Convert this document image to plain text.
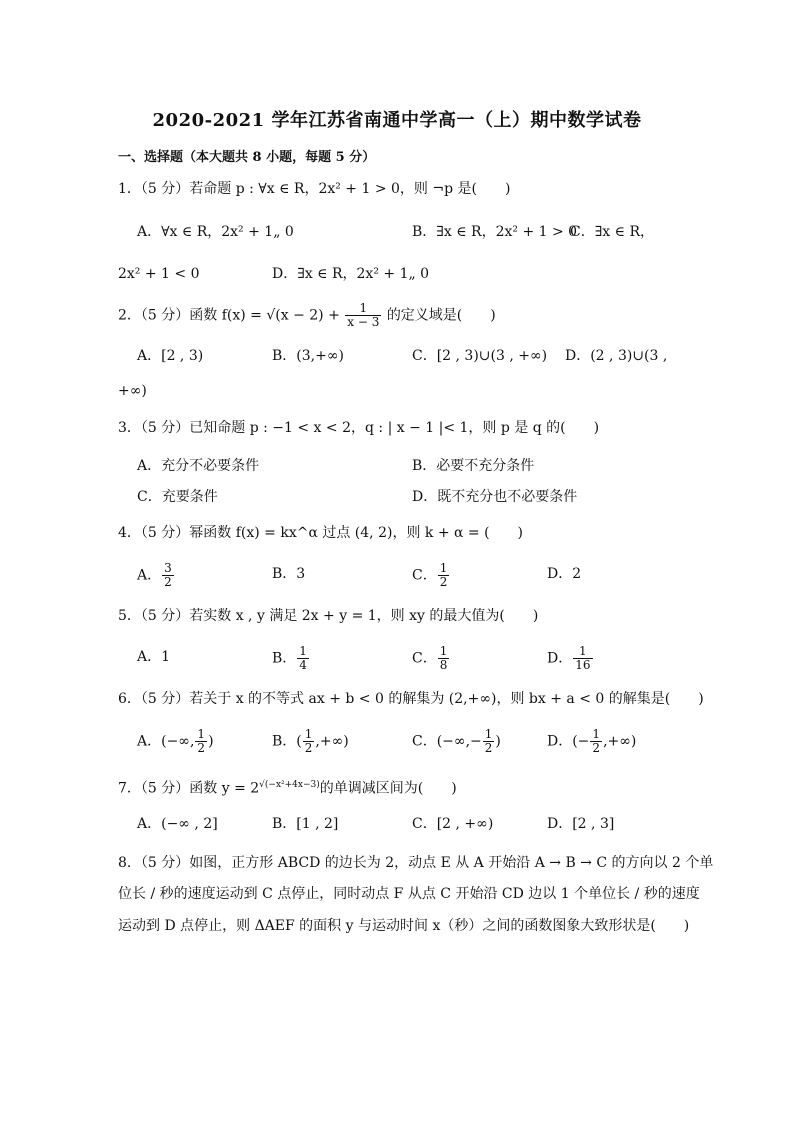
2020-2021 学年江苏省南通中学高一（上）期中数学试卷
一、选择题（本大题共 8 小题，每题 5 分）
1．（5 分）若命题 p : ∀x ∈ R，2x² + 1 > 0，则 ¬p 是(　　)
A．∀x ∈ R，2x² + 1„ 0	B．∃x ∈ R，2x² + 1 > 0
C．∃x ∈ R，
2x² + 1 < 0	D．∃x ∈ R，2x² + 1„ 0
2．（5 分）函数 $f(x) = √(x - 2) + \frac{1}{x - 3}$ 的定义域是(　　)
A．[2 , 3)	B．(3,+∞)	C．[2 , 3)∪(3 , +∞) D．(2 , 3)∪(3 ,
+∞)
3．（5 分）已知命题 p : −1 < x < 2，q : | x − 1 |< 1，则 p 是 q 的(　　)
A．充分不必要条件	B．必要不充分条件
C．充要条件	D．既不充分也不必要条件
4．（5 分）幂函数 f(x) = kx^α 过点 (4, 2)，则 k + α = (　　)
A． $\frac{3}{2}$	B．3	C． $\frac{1}{2}$	D．2
5．（5 分）若实数 x , y 满足 2x + y = 1，则 xy 的最大值为(　　)
A．1	B． $\frac{1}{4}$	C． $\frac{1}{8}$	D． $\frac{1}{16}$
6．（5 分）若关于 x 的不等式 ax + b < 0 的解集为 (2,+∞)，则 bx + a < 0 的解集是(　　)
A．(−∞, $\frac{1}{2}$ )	B．( $\frac{1}{2}$ ,+∞)	C．(−∞,− $\frac{1}{2}$ )	D．(− $\frac{1}{2}$ ,+∞)
7．（5 分）函数 $y = 2^{√(-x^2+4x-3)}$的单调减区间为(　　)
A．(−∞ , 2]	B．[1 , 2]	C．[2 , +∞)	D．[2 , 3]
8．（5 分）如图，正方形 ABCD 的边长为 2，动点 E 从 A 开始沿 A → B → C 的方向以 2 个单
位长 / 秒的速度运动到 C 点停止，同时动点 F 从点 C 开始沿 CD 边以 1 个单位长 / 秒的速度
运动到 D 点停止，则 ΔAEF 的面积 y 与运动时间 x（秒）之间的函数图象大致形状是(　　)
